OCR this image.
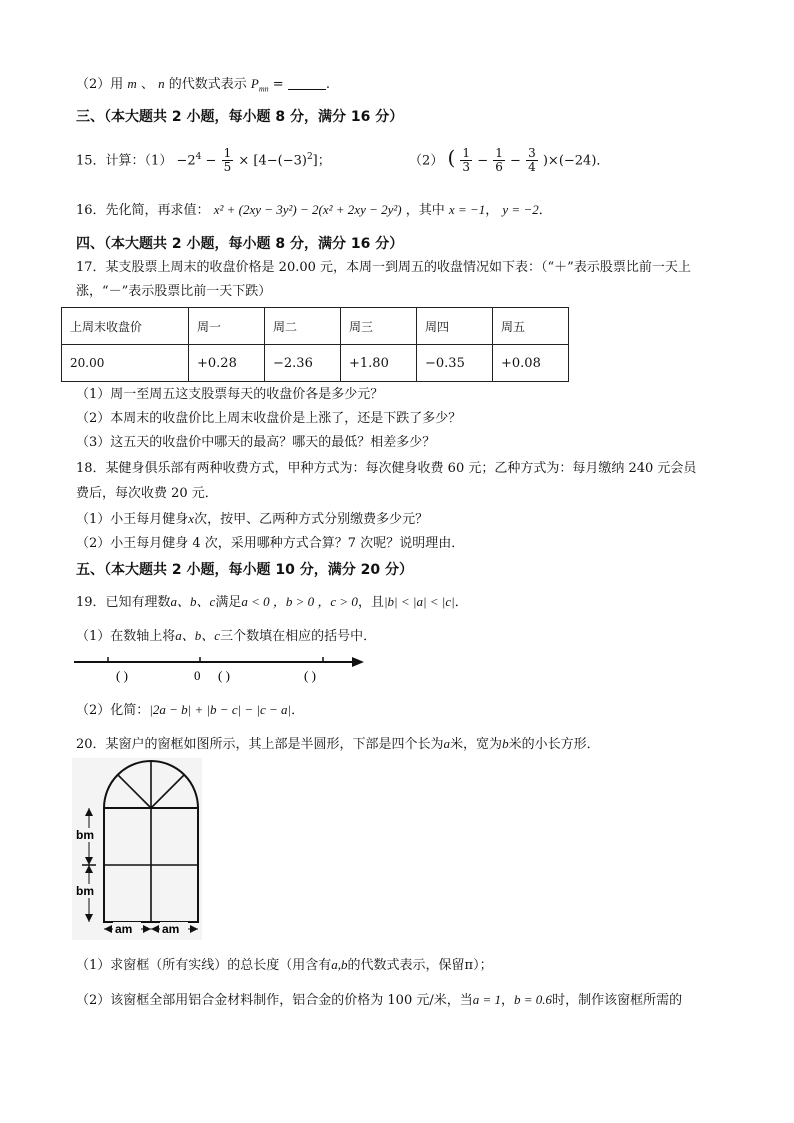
（2）用 m 、 n 的代数式表示 $P_{mn}$ =	.
三、（本大题共 2 小题，每小题 8 分，满分 16 分）
15．计算：$(1) -2^4 - \frac{1}{5} \times [4-(-3)^2]$；	（2） ( $\frac{1}{3} - \frac{1}{6} - \frac{3}{4} )\times(-24)$．
16．先化简，再求值： x² + (2xy − 3y²) − 2(x² + 2xy − 2y²) ，其中 x = −1， y = −2．
四、（本大题共 2 小题，每小题 8 分，满分 16 分）
17．某支股票上周末的收盘价格是 20.00 元，本周一到周五的收盘情况如下表：（“＋”表示股票比前一天上
涨，“－”表示股票比前一天下跌）
上周末收盘价	周一	周二	周三	周四	周五
20.00	+0.28	−2.36	+1.80	−0.35	+0.08
（1）周一至周五这支股票每天的收盘价各是多少元？
（2）本周末的收盘价比上周末收盘价是上涨了，还是下跌了多少？
（3）这五天的收盘价中哪天的最高？哪天的最低？相差多少？
18．某健身俱乐部有两种收费方式，甲种方式为：每次健身收费 60 元；乙种方式为：每月缴纳 240 元会员
费后，每次收费 20 元．
（1）小王每月健身x次，按甲、乙两种方式分别缴费多少元？
（2）小王每月健身 4 次，采用哪种方式合算？7 次呢？说明理由．
五、（本大题共 2 小题，每小题 10 分，满分 20 分）
19．已知有理数a、b、c满足a < 0 ，b > 0 ，c > 0，且|b| < |a| < |c|．
（1）在数轴上将a、b、c三个数填在相应的括号中．
( )	0 ( )	( )
（2）化简：|2a − b| + |b − c| − |c − a|．
20．某窗户的窗框如图所示，其上部是半圆形，下部是四个长为a米，宽为b米的小长方形．
bm
bm
am am
（1）求窗框（所有实线）的总长度（用含有a,b的代数式表示，保留π）；
（2）该窗框全部用铝合金材料制作，铝合金的价格为 100 元/米，当a = 1，b = 0.6时，制作该窗框所需的
